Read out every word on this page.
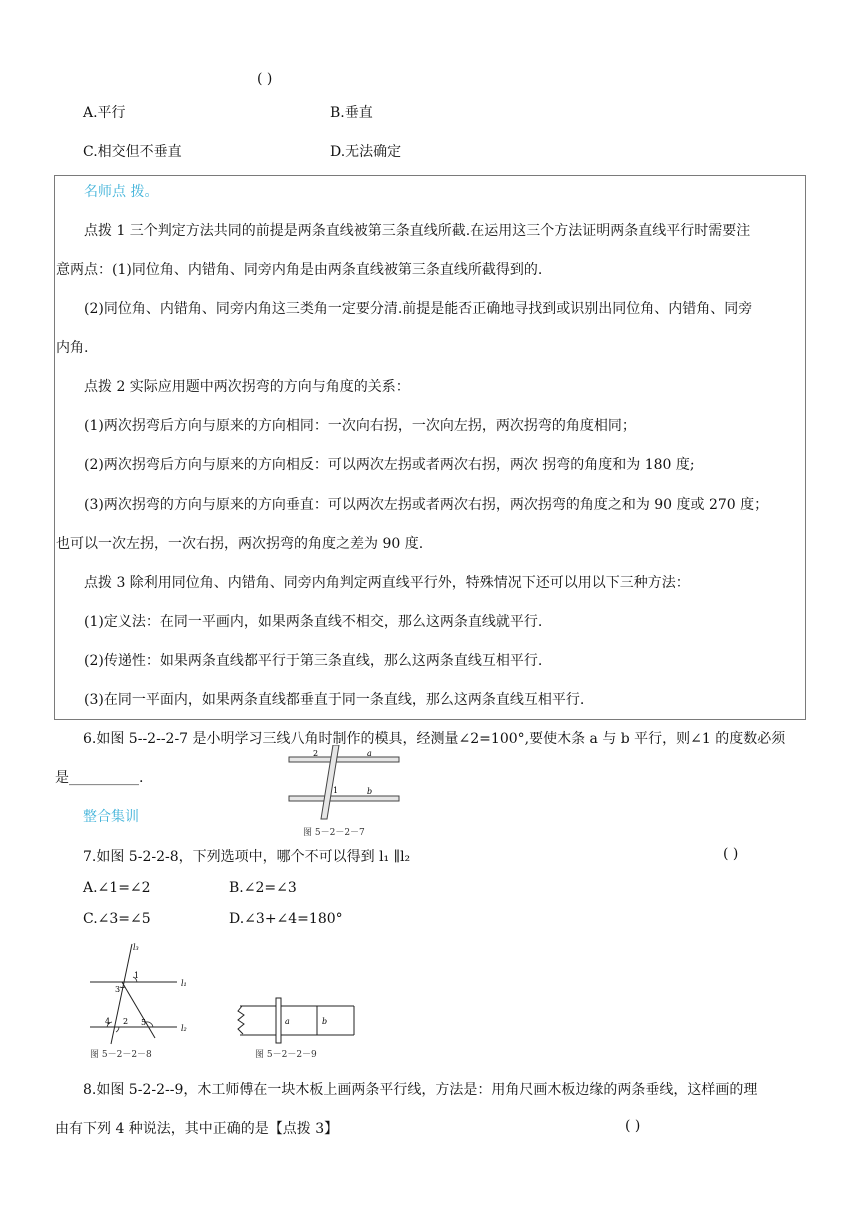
( )
A.平行	B.垂直
C.相交但不垂直	D.无法确定
名师点 拨。
点拨 1 三个判定方法共同的前提是两条直线被第三条直线所截.在运用这三个方法证明两条直线平行时需要注
意两点：(1)同位角、内错角、同旁内角是由两条直线被第三条直线所截得到的.
(2)同位角、内错角、同旁内角这三类角一定要分清.前提是能否正确地寻找到或识别出同位角、内错角、同旁
内角.
点拨 2 实际应用题中两次拐弯的方向与角度的关系：
(1)两次拐弯后方向与原来的方向相同：一次向右拐，一次向左拐，两次拐弯的角度相同；
(2)两次拐弯后方向与原来的方向相反：可以两次左拐或者两次右拐，两次 拐弯的角度和为 180 度;
(3)两次拐弯的方向与原来的方向垂直：可以两次左拐或者两次右拐，两次拐弯的角度之和为 90 度或 270 度；
也可以一次左拐，一次右拐，两次拐弯的角度之差为 90 度.
点拨 3 除利用同位角、内错角、同旁内角判定两直线平行外，特殊情况下还可以用以下三种方法：
(1)定义法：在同一平画内，如果两条直线不相交，那么这两条直线就平行.
(2)传递性：如果两条直线都平行于第三条直线，那么这两条直线互相平行.
(3)在同一平面内，如果两条直线都垂直于同一条直线，那么这两条直线互相平行.
6.如图 5--2--2-7 是小明学习三线八角时制作的模具，经测量∠2=100°,要使木条 a 与 b 平行，则∠1 的度数必须
是__________.
2
1
a
b
图 5－2－2－7
整合集训
7.如图 5-2-2-8，下列选项中，哪个不可以得到 l₁ ∥l₂	( )
A.∠1=∠2	B.∠2=∠3
C.∠3=∠5	D.∠3+∠4=180°
l₃
l₁
l₂
1
3
4 2 5
图 5－2－2－8
a	b
图 5－2－2－9
8.如图 5-2-2--9，木工师傅在一块木板上画两条平行线，方法是：用角尺画木板边缘的两条垂线，这样画的理
由有下列 4 种说法，其中正确的是【点拨 3】	( )
